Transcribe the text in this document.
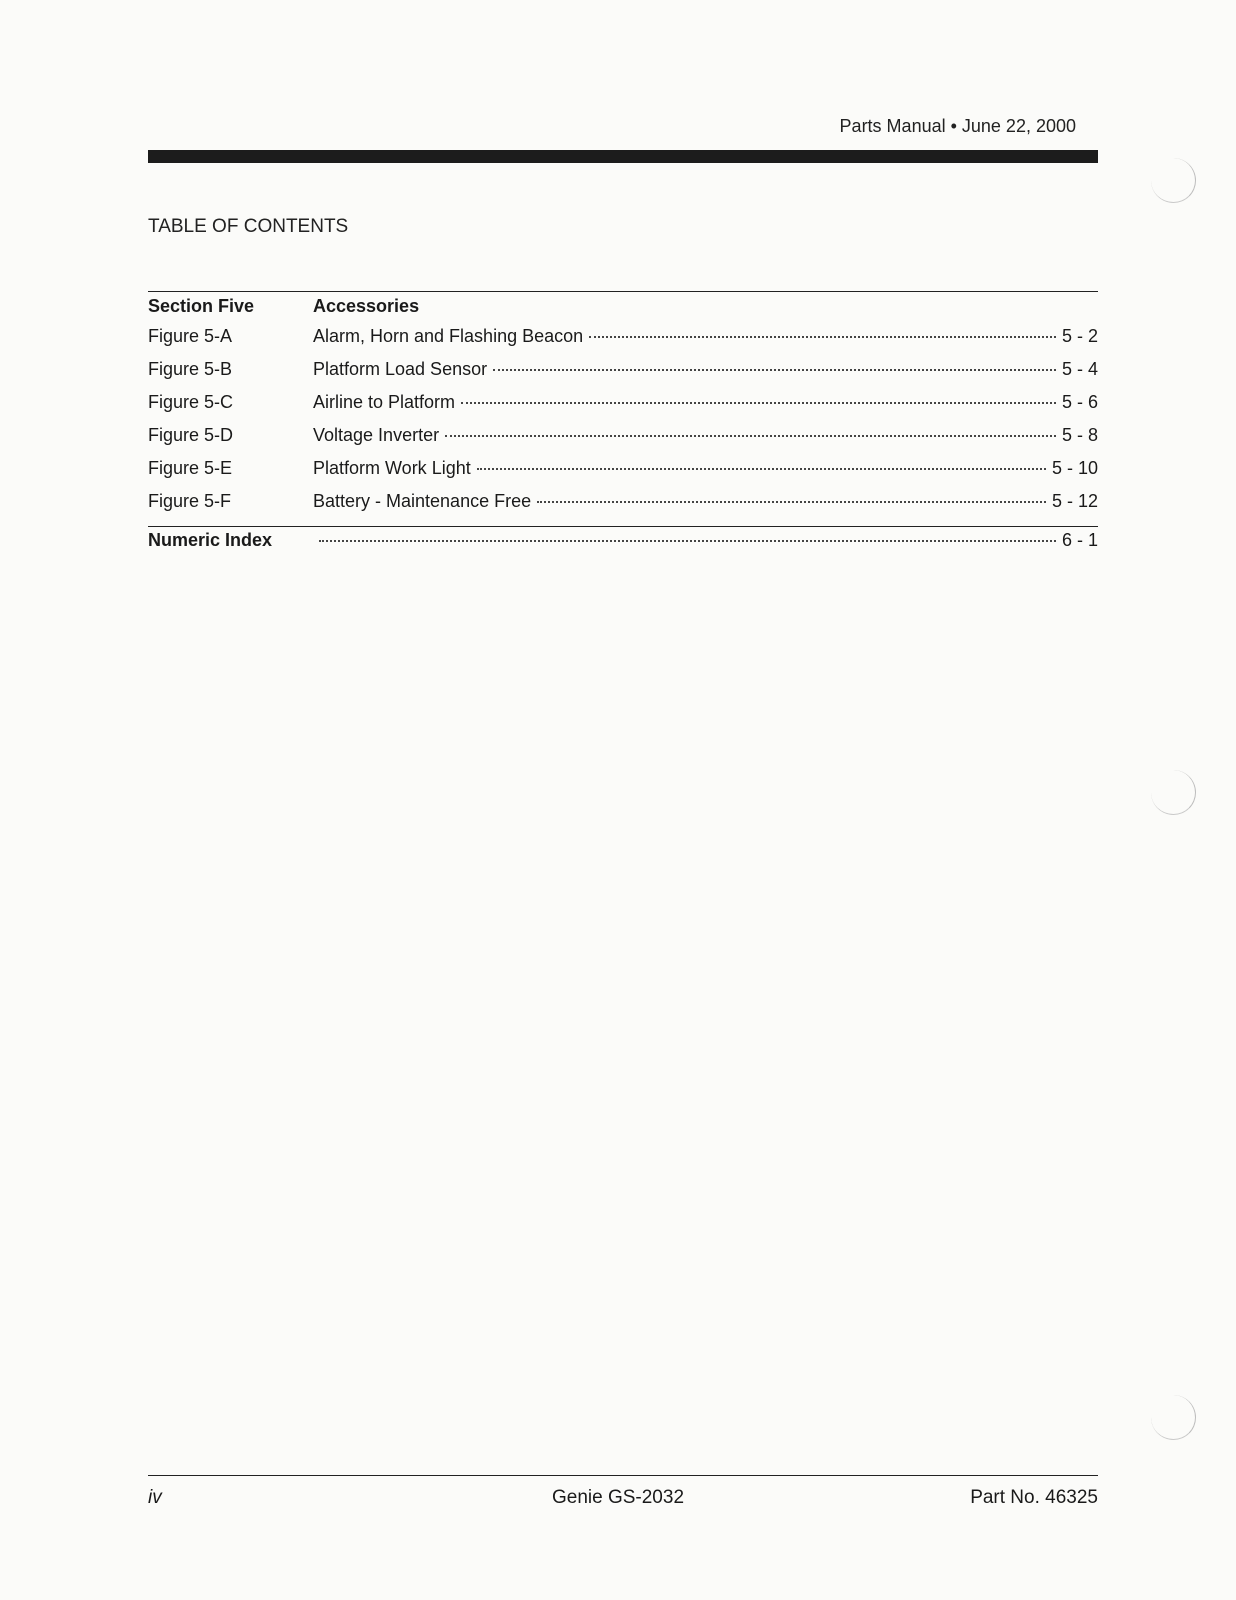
Parts Manual • June 22, 2000
TABLE OF CONTENTS
Section Five	Accessories
Figure 5-A	Alarm, Horn and Flashing Beacon	5 - 2
Figure 5-B	Platform Load Sensor	5 - 4
Figure 5-C	Airline to Platform	5 - 6
Figure 5-D	Voltage Inverter	5 - 8
Figure 5-E	Platform Work Light	5 - 10
Figure 5-F	Battery - Maintenance Free	5 - 12
Numeric Index	6 - 1
iv	Genie GS-2032	Part No. 46325
